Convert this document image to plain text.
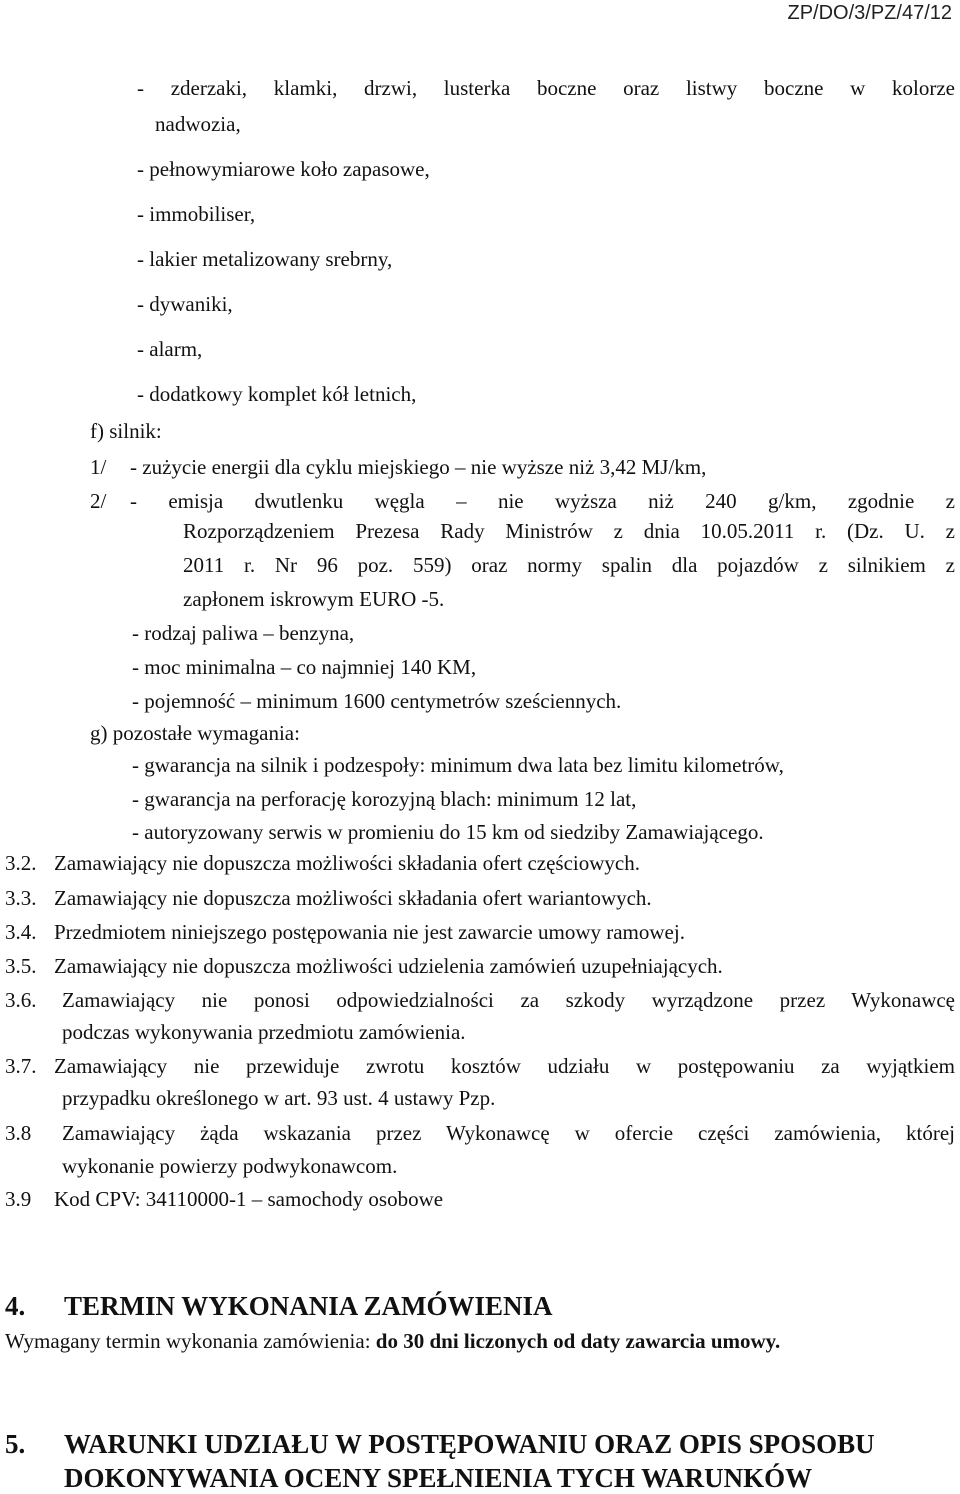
ZP/DO/3/PZ/47/12
- zderzaki, klamki, drzwi, lusterka boczne oraz listwy boczne w kolorze
nadwozia,
- pełnowymiarowe koło zapasowe,
- immobiliser,
- lakier metalizowany srebrny,
- dywaniki,
- alarm,
- dodatkowy komplet kół letnich,
f) silnik:
1/ - zużycie energii dla cyklu miejskiego – nie wyższe niż 3,42 MJ/km,
2/ - emisja dwutlenku węgla – nie wyższa niż 240 g/km, zgodnie z
Rozporządzeniem Prezesa Rady Ministrów z dnia 10.05.2011 r. (Dz. U. z
2011 r. Nr 96 poz. 559) oraz normy spalin dla pojazdów z silnikiem z
zapłonem iskrowym EURO -5.
- rodzaj paliwa – benzyna,
- moc minimalna – co najmniej 140 KM,
- pojemność – minimum 1600 centymetrów sześciennych.
g) pozostałe wymagania:
- gwarancja na silnik i podzespoły: minimum dwa lata bez limitu kilometrów,
- gwarancja na perforację korozyjną blach: minimum 12 lat,
- autoryzowany serwis w promieniu do 15 km od siedziby Zamawiającego.
3.2. Zamawiający nie dopuszcza możliwości składania ofert częściowych.
3.3. Zamawiający nie dopuszcza możliwości składania ofert wariantowych.
3.4. Przedmiotem niniejszego postępowania nie jest zawarcie umowy ramowej.
3.5. Zamawiający nie dopuszcza możliwości udzielenia zamówień uzupełniających.
3.6. Zamawiający nie ponosi odpowiedzialności za szkody wyrządzone przez Wykonawcę
podczas wykonywania przedmiotu zamówienia.
3.7. Zamawiający nie przewiduje zwrotu kosztów udziału w postępowaniu za wyjątkiem
przypadku określonego w art. 93 ust. 4 ustawy Pzp.
3.8 Zamawiający żąda wskazania przez Wykonawcę w ofercie części zamówienia, której
wykonanie powierzy podwykonawcom.
3.9 Kod CPV: 34110000-1 – samochody osobowe
4. TERMIN WYKONANIA ZAMÓWIENIA
Wymagany termin wykonania zamówienia: do 30 dni liczonych od daty zawarcia umowy.
5. WARUNKI UDZIAŁU W POSTĘPOWANIU ORAZ OPIS SPOSOBU
DOKONYWANIA OCENY SPEŁNIENIA TYCH WARUNKÓW
